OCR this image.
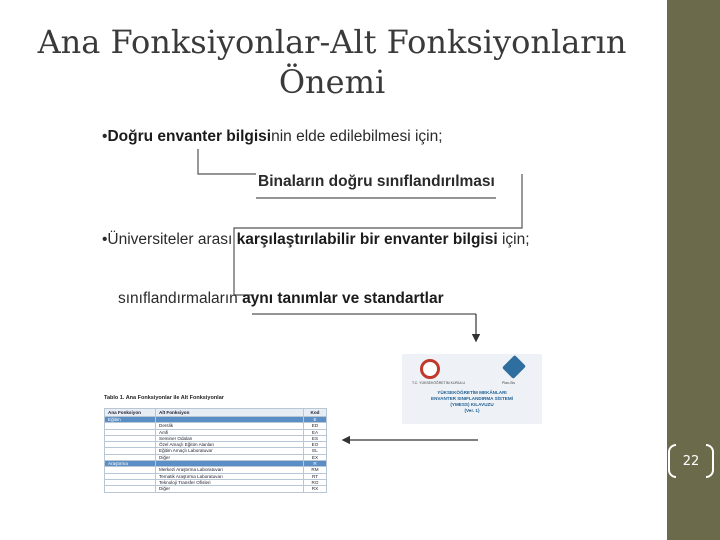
22
Ana Fonksiyonlar-Alt Fonksiyonların Önemi
•Doğru envanter bilgisinin elde edilebilmesi için;
Binaların doğru sınıflandırılması
•Üniversiteler arası karşılaştırılabilir bir envanter bilgisi için;
sınıflandırmaların aynı tanımlar ve standartlar
T.C. YÜKSEKÖĞRETİM KURULU	Plan-Sis
YÜKSEKÖĞRETİM MEKÂNLARI
ENVANTER SINIFLANDIRMA SİSTEMİ
(YMESS) KILAVUZU
(Ver. 1)
Tablo 1. Ana Fonksiyonlar ile Alt Fonksiyonlar
Ana Fonksiyon	Alt Fonksiyon	Kod
Eğitim		E
	Derslik	ED
	Amfi	EA
	Seminer Odaları	ES
	Özel Amaçlı Eğitim Alanları	EO
	Eğitim Amaçlı Laboratuvar	EL
	Diğer	EX
Araştırma		R
	Merkezi Araştırma Laboratuvarı	RM
	Tematik Araştırma Laboratuvarı	RT
	Teknoloji Transfer Ofisleri	RO
	Diğer	RX
